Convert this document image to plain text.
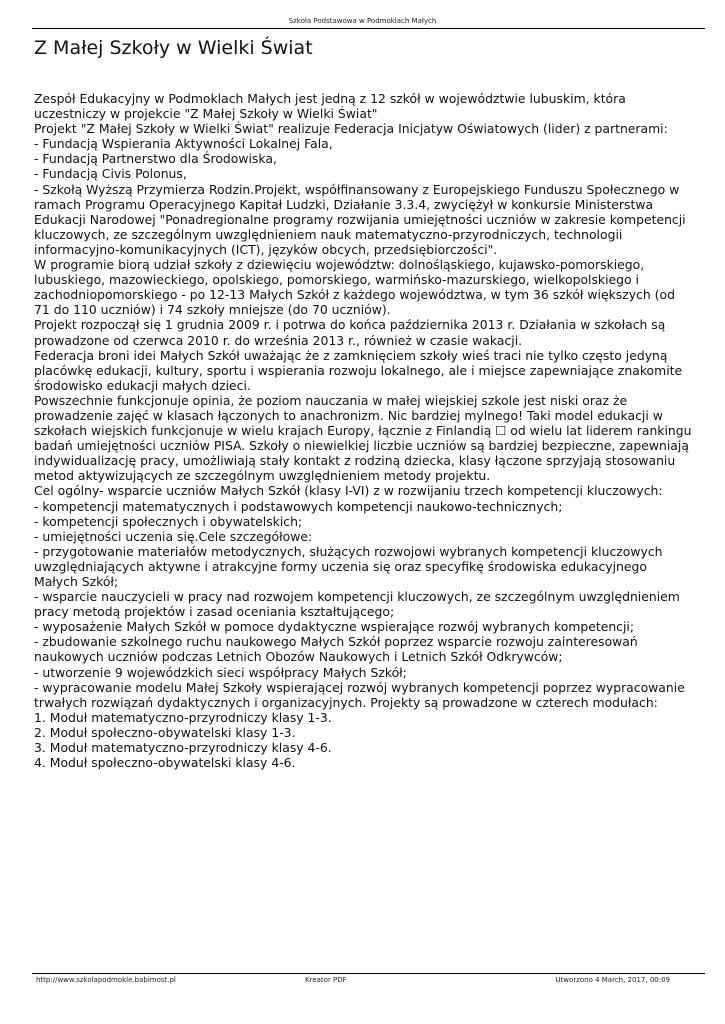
Szkoła Podstawowa w Podmoklach Małych
Z Małej Szkoły w Wielki Świat

Zespół Edukacyjny w Podmoklach Małych jest jedną z 12 szkół w województwie lubuskim, która uczestniczy w projekcie "Z Małej Szkoły w Wielki Świat"

Projekt "Z Małej Szkoły w Wielki Świat" realizuje Federacja Inicjatyw Oświatowych (lider) z partnerami:

- Fundacją Wspierania Aktywności Lokalnej Fala,

- Fundacją Partnerstwo dla Środowiska,

- Fundacją Civis Polonus,

- Szkołą Wyższą Przymierza Rodzin.Projekt, współfinansowany z Europejskiego Funduszu Społecznego w ramach Programu Operacyjnego Kapitał Ludzki, Działanie 3.3.4, zwyciężył w konkursie Ministerstwa Edukacji Narodowej "Ponadregionalne programy rozwijania umiejętności uczniów w zakresie kompetencji kluczowych, ze szczególnym uwzględnieniem nauk matematyczno-przyrodniczych, technologii informacyjno-komunikacyjnych (ICT), języków obcych, przedsiębiorczości".

W programie biorą udział szkoły z dziewięciu województw: dolnośląskiego, kujawsko-pomorskiego, lubuskiego, mazowieckiego, opolskiego, pomorskiego, warmińsko-mazurskiego, wielkopolskiego i zachodniopomorskiego - po 12-13 Małych Szkół z każdego województwa, w tym 36 szkół większych (od 71 do 110 uczniów) i 74 szkoły mniejsze (do 70 uczniów).

Projekt rozpoczął się 1 grudnia 2009 r. i potrwa do końca października 2013 r. Działania w szkołach są prowadzone od czerwca 2010 r. do września 2013 r., również w czasie wakacji.

Federacja broni idei Małych Szkół uważając że z zamknięciem szkoły wieś traci nie tylko często jedyną placówkę edukacji, kultury, sportu i wspierania rozwoju lokalnego, ale i miejsce zapewniające znakomite środowisko edukacji małych dzieci.

Powszechnie funkcjonuje opinia, że poziom nauczania w małej wiejskiej szkole jest niski oraz że prowadzenie zajęć w klasach łączonych to anachronizm. Nic bardziej mylnego! Taki model edukacji w szkołach wiejskich funkcjonuje w wielu krajach Europy, łącznie z Finlandią ☐ od wielu lat liderem rankingu badań umiejętności uczniów PISA. Szkoły o niewielkiej liczbie uczniów są bardziej bezpieczne, zapewniają indywidualizację pracy, umożliwiają stały kontakt z rodziną dziecka, klasy łączone sprzyjają stosowaniu metod aktywizujących ze szczególnym uwzględnieniem metody projektu.

Cel ogólny- wsparcie uczniów Małych Szkół (klasy I-VI) z w rozwijaniu trzech kompetencji kluczowych:

- kompetencji matematycznych i podstawowych kompetencji naukowo-technicznych;

- kompetencji społecznych i obywatelskich;

- umiejętności uczenia się.Cele szczegółowe:

- przygotowanie materiałów metodycznych, służących rozwojowi wybranych kompetencji kluczowych uwzględniających aktywne i atrakcyjne formy uczenia się oraz specyfikę środowiska edukacyjnego Małych Szkół;

- wsparcie nauczycieli w pracy nad rozwojem kompetencji kluczowych, ze szczególnym uwzględnieniem pracy metodą projektów i zasad oceniania kształtującego;

- wyposażenie Małych Szkół w pomoce dydaktyczne wspierające rozwój wybranych kompetencji;

- zbudowanie szkolnego ruchu naukowego Małych Szkół poprzez wsparcie rozwoju zainteresowań naukowych uczniów podczas Letnich Obozów Naukowych i Letnich Szkół Odkrywców;

- utworzenie 9 wojewódzkich sieci współpracy Małych Szkół;

- wypracowanie modelu Małej Szkoły wspierającej rozwój wybranych kompetencji poprzez wypracowanie trwałych rozwiązań dydaktycznych i organizacyjnych. Projekty są prowadzone w czterech modułach:

1. Moduł matematyczno-przyrodniczy klasy 1-3.

2. Moduł społeczno-obywatelski klasy 1-3.

3. Moduł matematyczno-przyrodniczy klasy 4-6.

4. Moduł społeczno-obywatelski klasy 4-6.

http://www.szkolapodmokle.babimost.pl	Kreator PDF	Utworzono 4 March, 2017, 00:09
